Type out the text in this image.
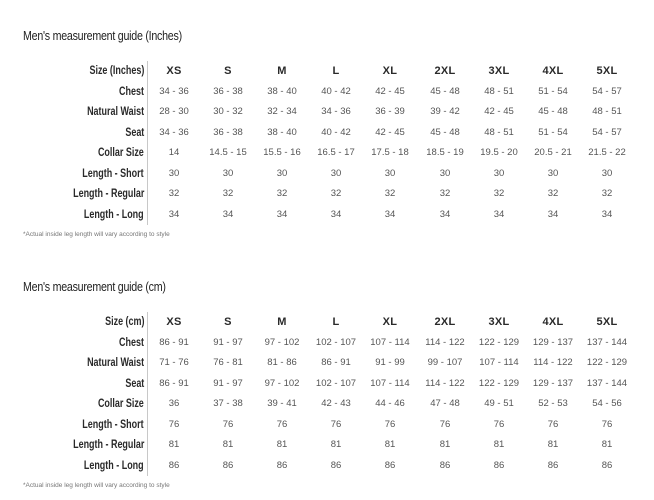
Men's measurement guide (Inches)
*Actual inside leg length will vary according to style
Size (Inches)	XS	S	M	L	XL	2XL	3XL	4XL	5XL
Chest	34 - 36	36 - 38	38 - 40	40 - 42	42 - 45	45 - 48	48 - 51	51 - 54	54 - 57
Natural Waist	28 - 30	30 - 32	32 - 34	34 - 36	36 - 39	39 - 42	42 - 45	45 - 48	48 - 51
Seat	34 - 36	36 - 38	38 - 40	40 - 42	42 - 45	45 - 48	48 - 51	51 - 54	54 - 57
Collar Size	14	14.5 - 15	15.5 - 16	16.5 - 17	17.5 - 18	18.5 - 19	19.5 - 20	20.5 - 21	21.5 - 22
Length - Short	30	30	30	30	30	30	30	30	30
Length - Regular	32	32	32	32	32	32	32	32	32
Length - Long	34	34	34	34	34	34	34	34	34
Men's measurement guide (cm)
*Actual inside leg length will vary according to style
Size (cm)	XS	S	M	L	XL	2XL	3XL	4XL	5XL
Chest	86 - 91	91 - 97	97 - 102	102 - 107	107 - 114	114 - 122	122 - 129	129 - 137	137 - 144
Natural Waist	71 - 76	76 - 81	81 - 86	86 - 91	91 - 99	99 - 107	107 - 114	114 - 122	122 - 129
Seat	86 - 91	91 - 97	97 - 102	102 - 107	107 - 114	114 - 122	122 - 129	129 - 137	137 - 144
Collar Size	36	37 - 38	39 - 41	42 - 43	44 - 46	47 - 48	49 - 51	52 - 53	54 - 56
Length - Short	76	76	76	76	76	76	76	76	76
Length - Regular	81	81	81	81	81	81	81	81	81
Length - Long	86	86	86	86	86	86	86	86	86
